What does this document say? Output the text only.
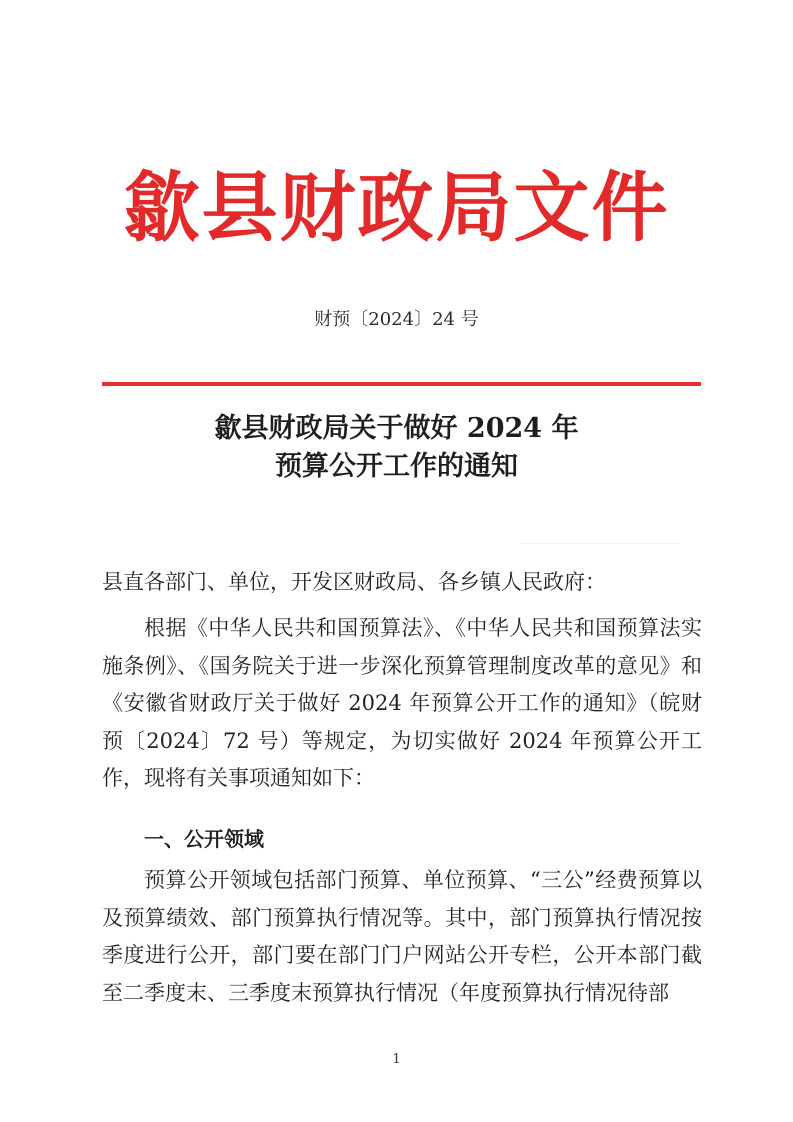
歙县财政局文件
财预〔2024〕24 号
歙县财政局关于做好 2024 年
预算公开工作的通知
县直各部门、单位，开发区财政局、各乡镇人民政府：
根据《中华人民共和国预算法》、《中华人民共和国预算法实施条例》、《国务院关于进一步深化预算管理制度改革的意见》和《安徽省财政厅关于做好 2024 年预算公开工作的通知》（皖财预〔2024〕72 号）等规定，为切实做好 2024 年预算公开工作，现将有关事项通知如下：
一、公开领域
预算公开领域包括部门预算、单位预算、“三公”经费预算以及预算绩效、部门预算执行情况等。其中，部门预算执行情况按季度进行公开，部门要在部门门户网站公开专栏，公开本部门截至二季度末、三季度末预算执行情况（年度预算执行情况待部
1
